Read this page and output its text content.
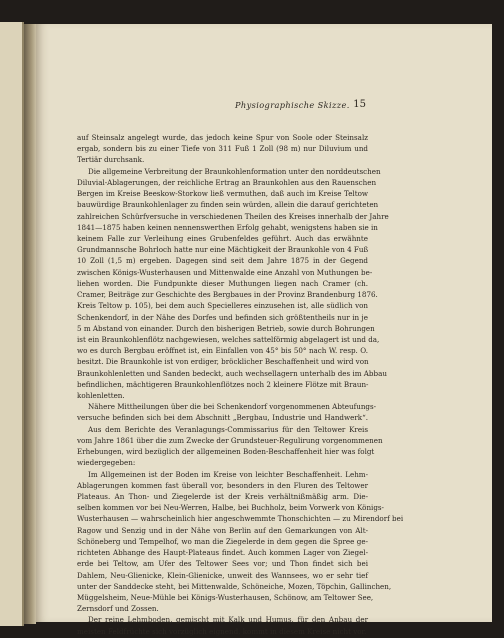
Physiographische Skizze. 15

auf Steinsalz angelegt wurde, das jedoch keine Spur von Soole oder Steinsalz
ergab, sondern bis zu einer Tiefe von 311 Fuß 1 Zoll (98 m) nur Diluvium und
Tertiär durchsank.
Die allgemeine Verbreitung der Braunkohlenformation unter den norddeutschen
Diluvial-Ablagerungen, der reichliche Ertrag an Braunkohlen aus den Rauenschen
Bergen im Kreise Beeskow-Storkow ließ vermuthen, daß auch im Kreise Teltow
bauwürdige Braunkohlenlager zu finden sein würden, allein die darauf gerichteten
zahlreichen Schürfversuche in verschiedenen Theilen des Kreises innerhalb der Jahre
1841—1875 haben keinen nennenswerthen Erfolg gehabt, wenigstens haben sie in
keinem Falle zur Verleihung eines Grubenfeldes geführt. Auch das erwähnte
Grundmannsche Bohrloch hatte nur eine Mächtigkeit der Braunkohle von 4 Fuß
10 Zoll (1,5 m) ergeben. Dagegen sind seit dem Jahre 1875 in der Gegend
zwischen Königs-Wusterhausen und Mittenwalde eine Anzahl von Muthungen be-
liehen worden. Die Fundpunkte dieser Muthungen liegen nach Cramer (ch.
Cramer, Beiträge zur Geschichte des Bergbaues in der Provinz Brandenburg 1876.
Kreis Teltow p. 105), bei dem auch Specielleres einzusehen ist, alle südlich von
Schenkendorf, in der Nähe des Dorfes und befinden sich größtentheils nur in je
5 m Abstand von einander. Durch den bisherigen Betrieb, sowie durch Bohrungen
ist ein Braunkohlenflötz nachgewiesen, welches sattelförmig abgelagert ist und da,
wo es durch Bergbau eröffnet ist, ein Einfallen von 45° bis 50° nach W. resp. O.
besitzt. Die Braunkohle ist von erdiger, bröcklicher Beschaffenheit und wird von
Braunkohlenletten und Sanden bedeckt, auch wechsellagern unterhalb des im Abbau
befindlichen, mächtigeren Braunkohlenflötzes noch 2 kleinere Flötze mit Braun-
kohlenletten.
Nähere Mittheilungen über die bei Schenkendorf vorgenommenen Abteufungs-
versuche befinden sich bei dem Abschnitt „Bergbau, Industrie und Handwerk“.
Aus dem Berichte des Veranlagungs-Commissarius für den Teltower Kreis
vom Jahre 1861 über die zum Zwecke der Grundsteuer-Regulirung vorgenommenen
Erhebungen, wird bezüglich der allgemeinen Boden-Beschaffenheit hier was folgt
wiedergegeben:
Im Allgemeinen ist der Boden im Kreise von leichter Beschaffenheit. Lehm-
Ablagerungen kommen fast überall vor, besonders in den Fluren des Teltower
Plateaus. An Thon- und Ziegelerde ist der Kreis verhältnißmäßig arm. Die-
selben kommen vor bei Neu-Werren, Halbe, bei Buchholz, beim Vorwerk von Königs-
Wusterhausen — wahrscheinlich hier angeschwemmte Thonschichten — zu Mirendorf bei
Ragow und Senzig und in der Nähe von Berlin auf den Gemarkungen von Alt-
Schöneberg und Tempelhof, wo man die Ziegelerde in dem gegen die Spree ge-
richteten Abhange des Haupt-Plateaus findet. Auch kommen Lager von Ziegel-
erde bei Teltow, am Ufer des Teltower Sees vor; und Thon findet sich bei
Dahlem, Neu-Glienicke, Klein-Glienicke, unweit des Wannsees, wo er sehr tief
unter der Sanddecke steht, bei Mittenwalde, Schöneiche, Mozen, Töpchin, Gallinchen,
Müggelsheim, Neue-Mühle bei Königs-Wusterhausen, Schönow, am Teltower See,
Zernsdorf und Zossen.
Der reine Lehmboden, gemischt mit Kalk und Humus, für den Anbau der
meisten Feldfrüchte sich vorzüglich eignend, kommt in diesem Kreise nicht vor.
